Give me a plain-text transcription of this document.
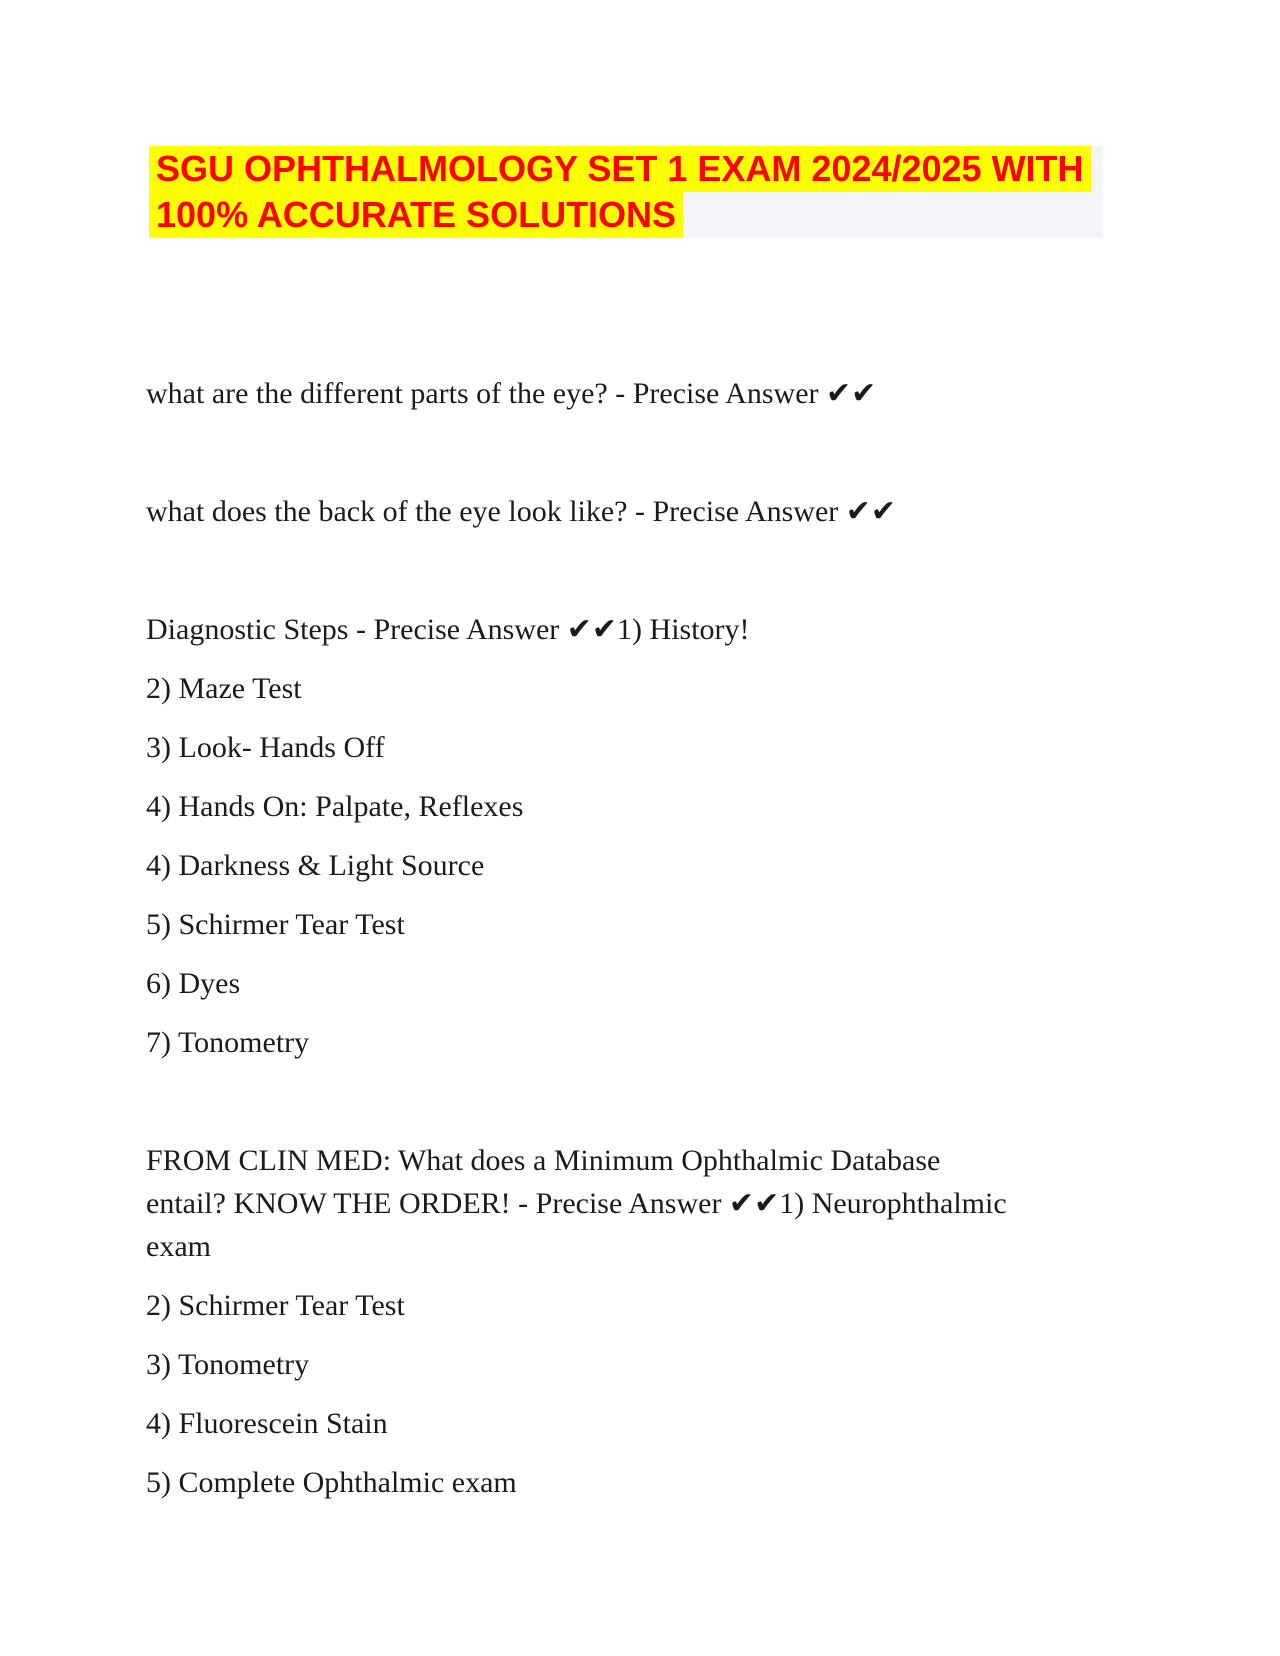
SGU OPHTHALMOLOGY SET 1 EXAM 2024/2025 WITH
100% ACCURATE SOLUTIONS
what are the different parts of the eye? - Precise Answer ✔✔
what does the back of the eye look like? - Precise Answer ✔✔
Diagnostic Steps - Precise Answer ✔✔1) History!
2) Maze Test
3) Look- Hands Off
4) Hands On: Palpate, Reflexes
4) Darkness & Light Source
5) Schirmer Tear Test
6) Dyes
7) Tonometry
FROM CLIN MED: What does a Minimum Ophthalmic Database
entail? KNOW THE ORDER! - Precise Answer ✔✔1) Neurophthalmic
exam
2) Schirmer Tear Test
3) Tonometry
4) Fluorescein Stain
5) Complete Ophthalmic exam
